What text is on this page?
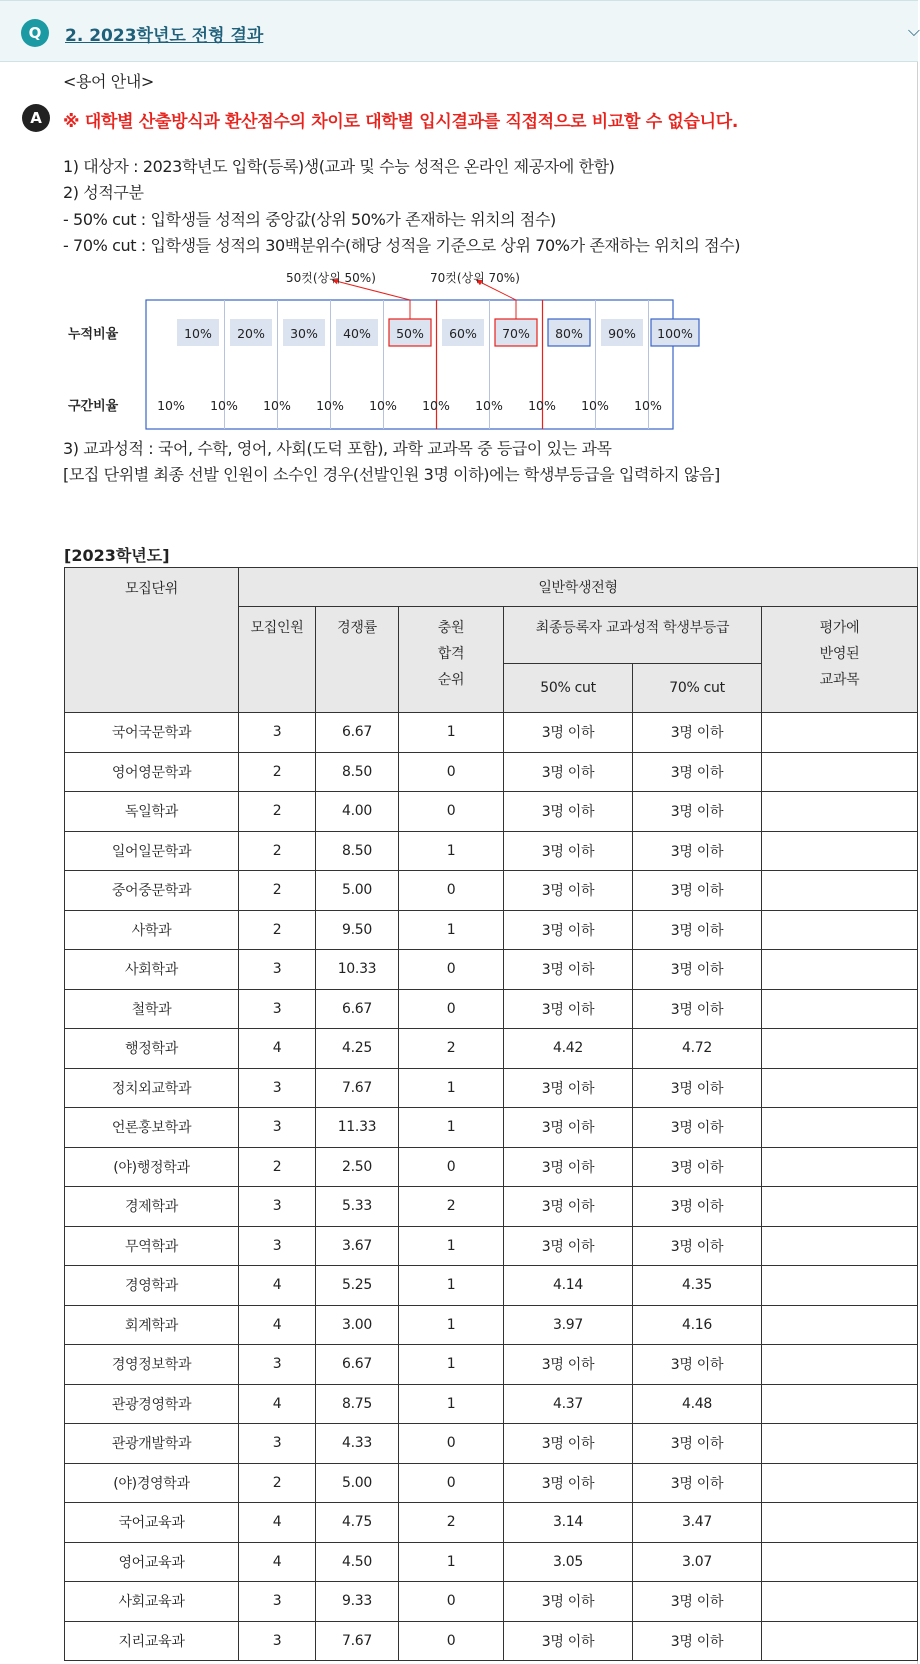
Q	2. 2023학년도 전형 결과	⌵
<용어 안내>
A	※ 대학별 산출방식과 환산점수의 차이로 대학별 입시결과를 직접적으로 비교할 수 없습니다.
1) 대상자 : 2023학년도 입학(등록)생(교과 및 수능 성적은 온라인 제공자에 한함)
2) 성적구분
- 50% cut : 입학생들 성적의 중앙값(상위 50%가 존재하는 위치의 점수)
- 70% cut : 입학생들 성적의 30백분위수(해당 성적을 기준으로 상위 70%가 존재하는 위치의 점수)
10% 20% 30% 40% 50% 60% 70% 80% 90% 100%
10% 10% 10% 10% 10% 10% 10% 10% 10% 10%
누적비율
구간비율
50컷(상위 50%)	70컷(상위 70%)
3) 교과성적 : 국어, 수학, 영어, 사회(도덕 포함), 과학 교과목 중 등급이 있는 과목
[모집 단위별 최종 선발 인원이 소수인 경우(선발인원 3명 이하)에는 학생부등급을 입력하지 않음]
[2023학년도]
모집단위	일반학생전형					
	모집인원	경쟁률	충원
합격
순위	최종등록자 교과성적 학생부등급		평가에
반영된
교과목
				50% cut	70% cut	
국어국문학과	3	6.67	1	3명 이하	3명 이하	
영어영문학과	2	8.50	0	3명 이하	3명 이하	
독일학과	2	4.00	0	3명 이하	3명 이하	
일어일문학과	2	8.50	1	3명 이하	3명 이하	
중어중문학과	2	5.00	0	3명 이하	3명 이하	
사학과	2	9.50	1	3명 이하	3명 이하	
사회학과	3	10.33	0	3명 이하	3명 이하	
철학과	3	6.67	0	3명 이하	3명 이하	
행정학과	4	4.25	2	4.42	4.72	
정치외교학과	3	7.67	1	3명 이하	3명 이하	
언론홍보학과	3	11.33	1	3명 이하	3명 이하	
(야)행정학과	2	2.50	0	3명 이하	3명 이하	
경제학과	3	5.33	2	3명 이하	3명 이하	
무역학과	3	3.67	1	3명 이하	3명 이하	
경영학과	4	5.25	1	4.14	4.35	
회계학과	4	3.00	1	3.97	4.16	
경영정보학과	3	6.67	1	3명 이하	3명 이하	
관광경영학과	4	8.75	1	4.37	4.48	
관광개발학과	3	4.33	0	3명 이하	3명 이하	
(야)경영학과	2	5.00	0	3명 이하	3명 이하	
국어교육과	4	4.75	2	3.14	3.47	
영어교육과	4	4.50	1	3.05	3.07	
사회교육과	3	9.33	0	3명 이하	3명 이하	
지리교육과	3	7.67	0	3명 이하	3명 이하	
